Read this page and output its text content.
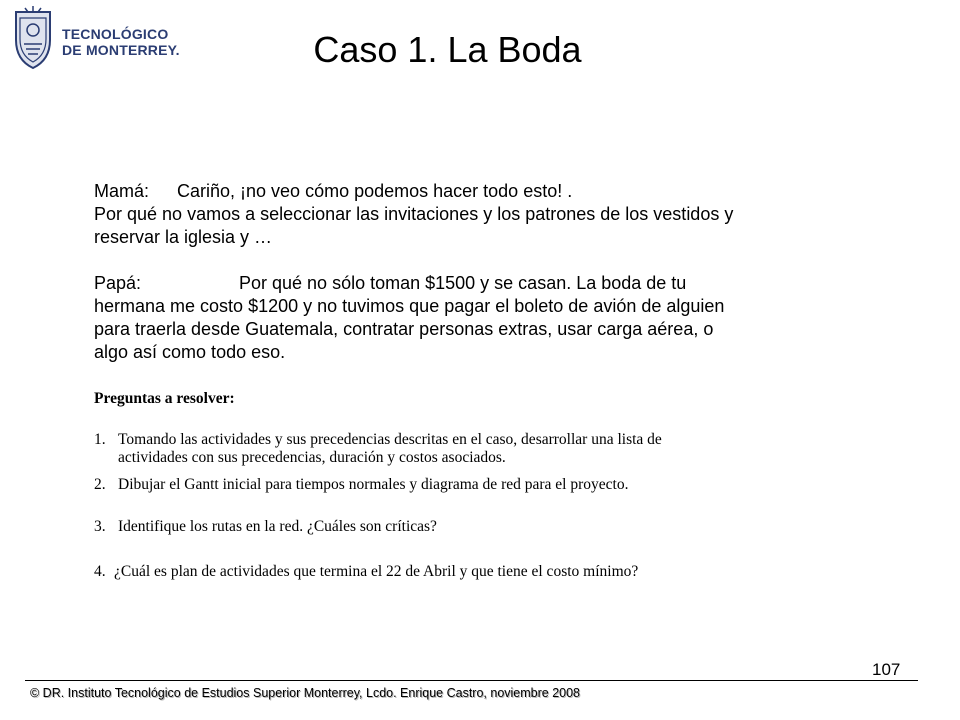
TECNOLÓGICO
DE MONTERREY.	Caso 1. La Boda

Mamá: Cariño, ¡no veo cómo podemos hacer todo esto! .

Por qué no vamos a seleccionar las invitaciones y los patrones de los vestidos y

reservar la iglesia y …

Papá:	Por qué no sólo toman $1500 y se casan. La boda de tu

hermana me costo $1200 y no tuvimos que pagar el boleto de avión de alguien

para traerla desde Guatemala, contratar personas extras, usar carga aérea, o

algo así como todo eso.

Preguntas a resolver:
1. Tomando las actividades y sus precedencias descritas en el caso, desarrollar una lista de
actividades con sus precedencias, duración y costos asociados.
2. Dibujar el Gantt inicial para tiempos normales y diagrama de red para el proyecto.
3. Identifique los rutas en la red. ¿Cuáles son críticas?
4. ¿Cuál es plan de actividades que termina el 22 de Abril y que tiene el costo mínimo?
107
© DR. Instituto Tecnológico de Estudios Superior Monterrey, Lcdo. Enrique Castro, noviembre 2008
